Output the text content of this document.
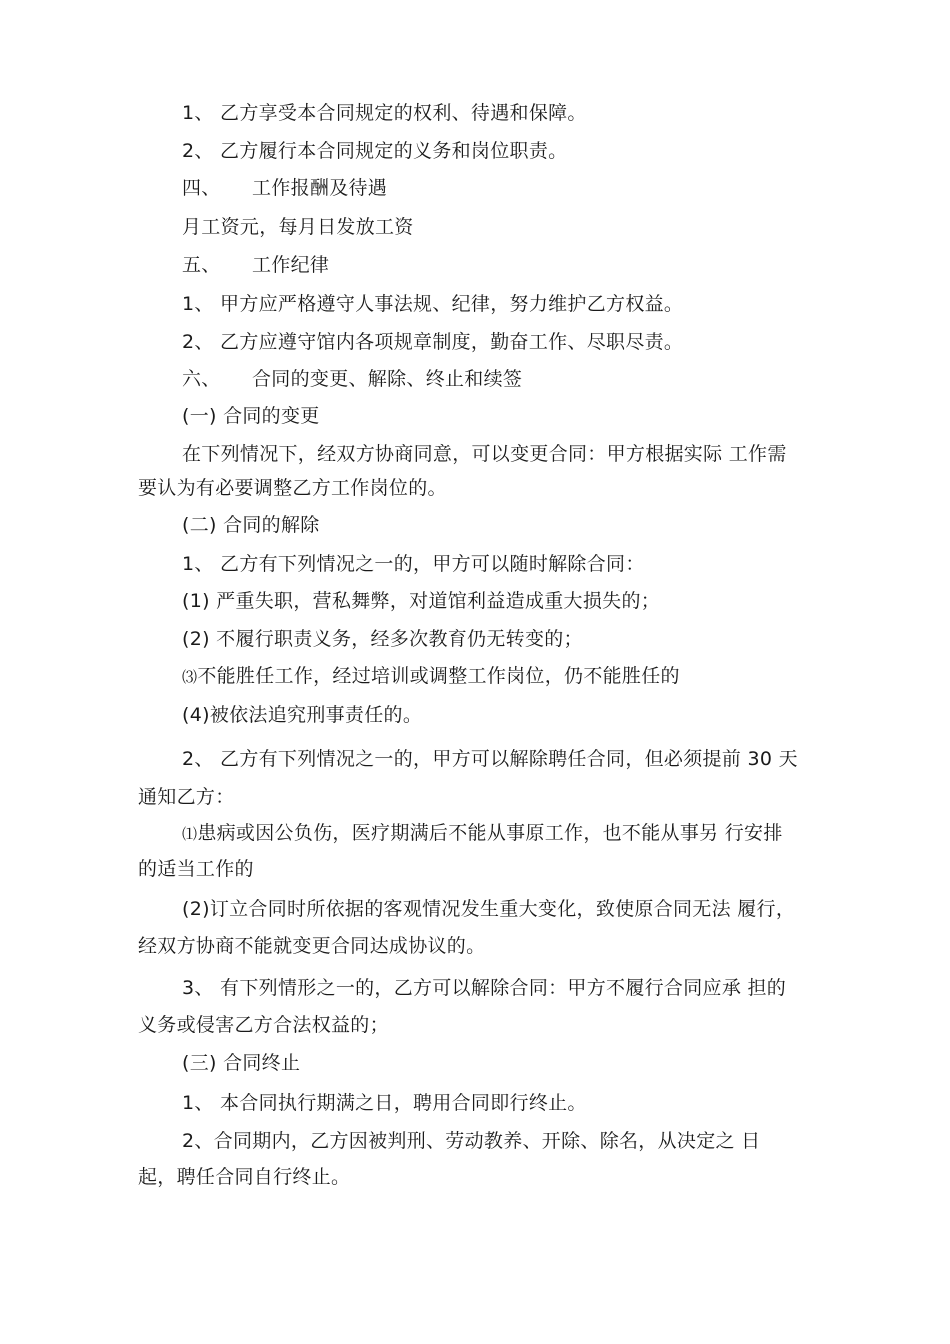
1、 乙方享受本合同规定的权利、待遇和保障。
2、 乙方履行本合同规定的义务和岗位职责。
四、 工作报酬及待遇
月工资元，每月日发放工资
五、 工作纪律
1、 甲方应严格遵守人事法规、纪律，努力维护乙方权益。
2、 乙方应遵守馆内各项规章制度，勤奋工作、尽职尽责。
六、 合同的变更、解除、终止和续签
(一) 合同的变更
在下列情况下，经双方协商同意，可以变更合同：甲方根据实际 工作需
要认为有必要调整乙方工作岗位的。
(二) 合同的解除
1、 乙方有下列情况之一的，甲方可以随时解除合同：
(1) 严重失职，营私舞弊，对道馆利益造成重大损失的；
(2) 不履行职责义务，经多次教育仍无转变的；
⑶不能胜任工作，经过培训或调整工作岗位，仍不能胜任的
(4)被依法追究刑事责任的。
2、 乙方有下列情况之一的，甲方可以解除聘任合同，但必须提前 30 天
通知乙方：
⑴患病或因公负伤，医疗期满后不能从事原工作，也不能从事另 行安排
的适当工作的
(2)订立合同时所依据的客观情况发生重大变化，致使原合同无法 履行，
经双方协商不能就变更合同达成协议的。
3、 有下列情形之一的，乙方可以解除合同：甲方不履行合同应承 担的
义务或侵害乙方合法权益的；
(三) 合同终止
1、 本合同执行期满之日，聘用合同即行终止。
2、合同期内，乙方因被判刑、劳动教养、开除、除名，从决定之 日
起，聘任合同自行终止。
